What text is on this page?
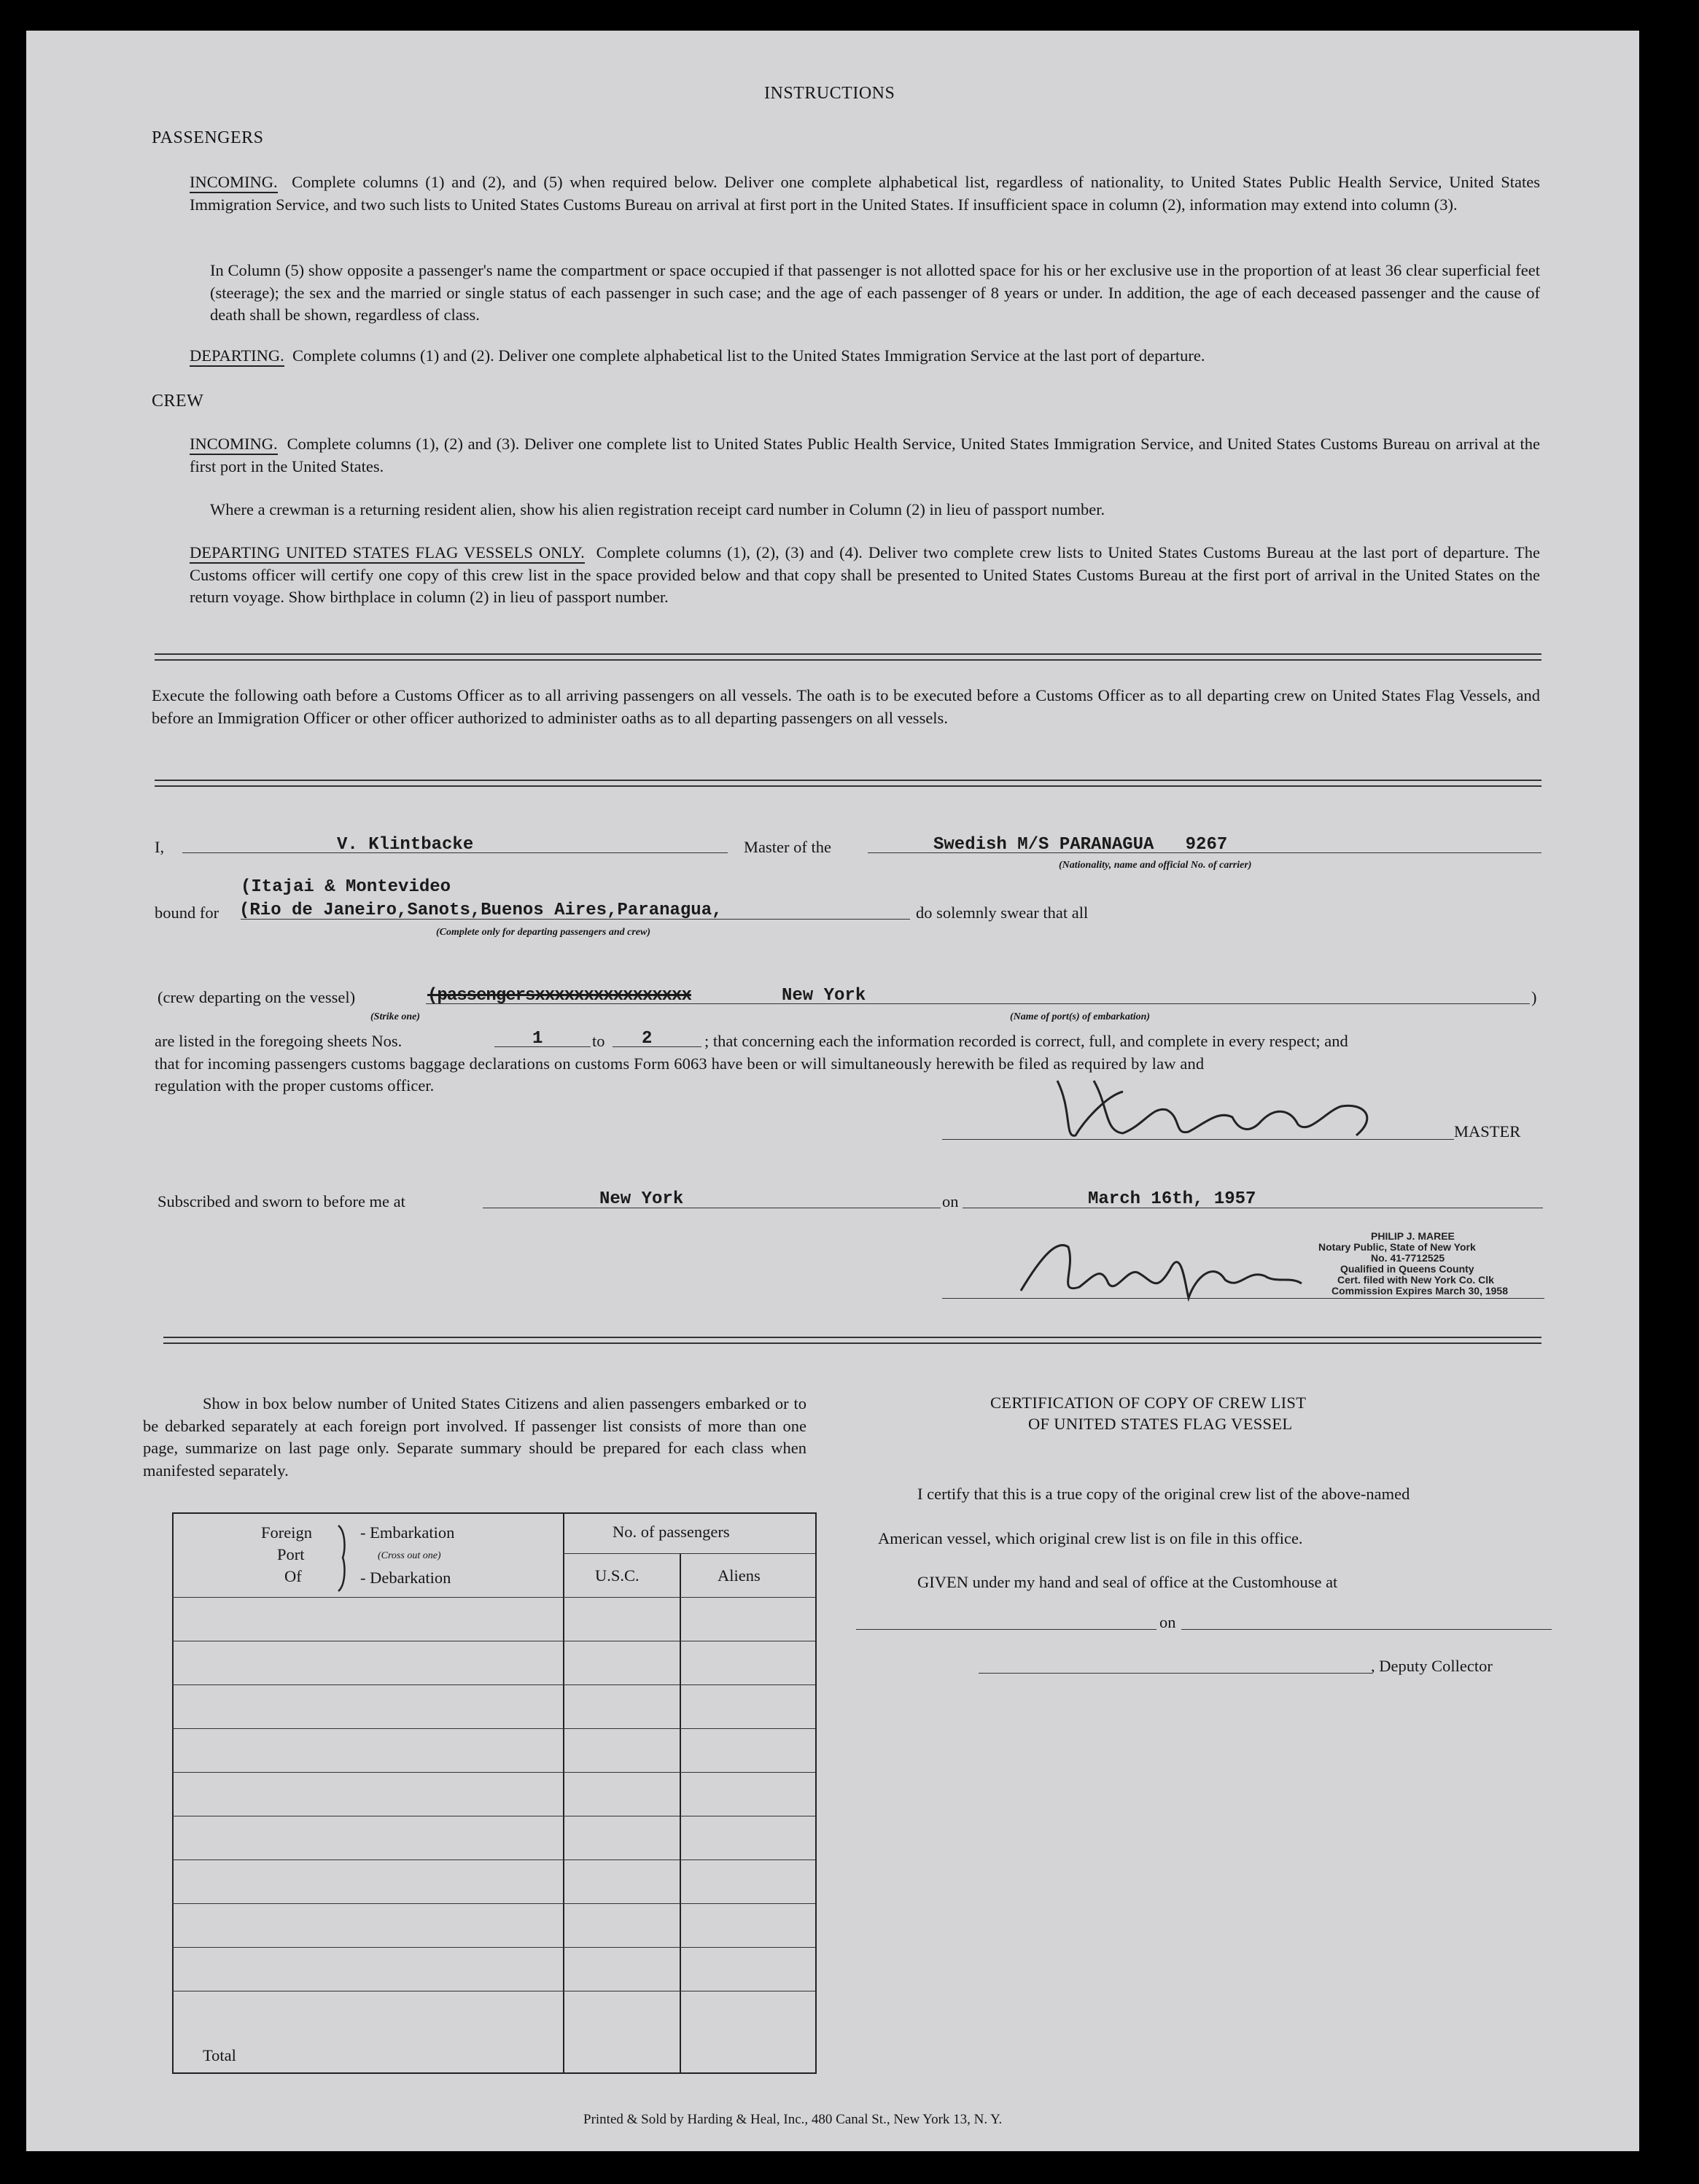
INSTRUCTIONS
PASSENGERS
INCOMING. Complete columns (1) and (2), and (5) when required below. Deliver one complete alphabetical list, regardless of nationality, to United States Public Health Service, United States Immigration Service, and two such lists to United States Customs Bureau on arrival at first port in the United States. If insufficient space in column (2), information may extend into column (3).
In Column (5) show opposite a passenger's name the compartment or space occupied if that passenger is not allotted space for his or her exclusive use in the proportion of at least 36 clear superficial feet (steerage); the sex and the married or single status of each passenger in such case; and the age of each passenger of 8 years or under. In addition, the age of each deceased passenger and the cause of death shall be shown, regardless of class.
DEPARTING. Complete columns (1) and (2). Deliver one complete alphabetical list to the United States Immigration Service at the last port of departure.
CREW
INCOMING. Complete columns (1), (2) and (3). Deliver one complete list to United States Public Health Service, United States Immigration Service, and United States Customs Bureau on arrival at the first port in the United States.
Where a crewman is a returning resident alien, show his alien registration receipt card number in Column (2) in lieu of passport number.
DEPARTING UNITED STATES FLAG VESSELS ONLY. Complete columns (1), (2), (3) and (4). Deliver two complete crew lists to United States Customs Bureau at the last port of departure. The Customs officer will certify one copy of this crew list in the space provided below and that copy shall be presented to United States Customs Bureau at the first port of arrival in the United States on the return voyage. Show birthplace in column (2) in lieu of passport number.
Execute the following oath before a Customs Officer as to all arriving passengers on all vessels. The oath is to be executed before a Customs Officer as to all departing crew on United States Flag Vessels, and before an Immigration Officer or other officer authorized to administer oaths as to all departing passengers on all vessels.
I,	V. Klintbacke	Master of the	Swedish M/S PARANAGUA   9267
(Nationality, name and official No. of carrier)
(Itajai & Montevideo
bound for (Rio de Janeiro,Sanots,Buenos Aires,Paranagua,
(Complete only for departing passengers and crew)
do solemnly swear that all
(crew departing on the vessel)	(passengersxxxxxxxxxxxxxxxx
(Strike one)
New York
(Name of port(s) of embarkation)
)
are listed in the foregoing sheets Nos.	1	to 2	; that concerning each the information recorded is correct, full, and complete in every respect; and
that for incoming passengers customs baggage declarations on customs Form 6063 have been or will simultaneously herewith be filed as required by law and
regulation with the proper customs officer.
MASTER
Subscribed and sworn to before me at	New York	on	March 16th, 1957
PHILIP J. MAREE
Notary Public, State of New York
No. 41-7712525
Qualified in Queens County
Cert. filed with New York Co. Clk
Commission Expires March 30, 1958
Show in box below number of United States Citizens and alien passengers embarked or to be debarked separately at each foreign port involved. If passenger list consists of more than one page, summarize on last page only. Separate summary should be prepared for each class when manifested separately.
Foreign
Port
Of
- Embarkation
(Cross out one)
- Debarkation
No. of passengers
U.S.C.	Aliens
Total
CERTIFICATION OF COPY OF CREW LIST
OF UNITED STATES FLAG VESSEL
I certify that this is a true copy of the original crew list of the above-named
American vessel, which original crew list is on file in this office.
GIVEN under my hand and seal of office at the Customhouse at
on
, Deputy Collector
Printed & Sold by Harding & Heal, Inc., 480 Canal St., New York 13, N. Y.
